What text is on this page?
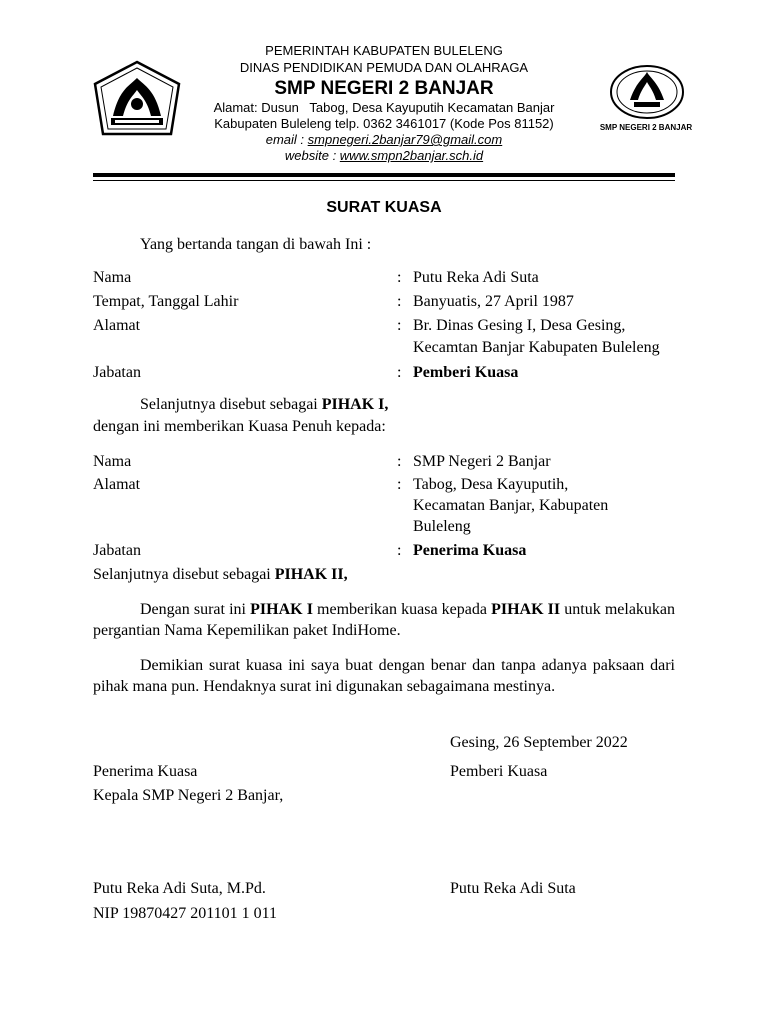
SMP NEGERI 2 BANJAR
PEMERINTAH KABUPATEN BULELENG
DINAS PENDIDIKAN PEMUDA DAN OLAHRAGA
SMP NEGERI 2 BANJAR
Alamat: Dusun   Tabog, Desa Kayuputih Kecamatan Banjar
Kabupaten Buleleng telp. 0362 3461017 (Kode Pos 81152)
email : smpnegeri.2banjar79@gmail.com
website : www.smpn2banjar.sch.id
SURAT KUASA
Yang bertanda tangan di bawah Ini :
Nama	: Putu Reka Adi Suta
Tempat, Tanggal Lahir	: Banyuatis, 27 April 1987
Alamat	: Br. Dinas Gesing I, Desa Gesing,
Kecamtan Banjar Kabupaten Buleleng
Jabatan	: Pemberi Kuasa
Selanjutnya disebut sebagai PIHAK I,
dengan ini memberikan Kuasa Penuh kepada:
Nama	: SMP Negeri 2 Banjar
Alamat	: Tabog, Desa Kayuputih,
Kecamatan Banjar, Kabupaten
Buleleng
Jabatan	: Penerima Kuasa
Selanjutnya disebut sebagai PIHAK II,
Dengan surat ini PIHAK I memberikan kuasa kepada PIHAK II untuk melakukan pergantian Nama Kepemilikan paket IndiHome.
Demikian surat kuasa ini saya buat dengan benar dan tanpa adanya paksaan dari pihak mana pun. Hendaknya surat ini digunakan sebagaimana mestinya.
Gesing, 26 September 2022
Penerima Kuasa
Kepala SMP Negeri 2 Banjar,
Pemberi Kuasa
Putu Reka Adi Suta, M.Pd.
NIP 19870427 201101 1 011
Putu Reka Adi Suta
